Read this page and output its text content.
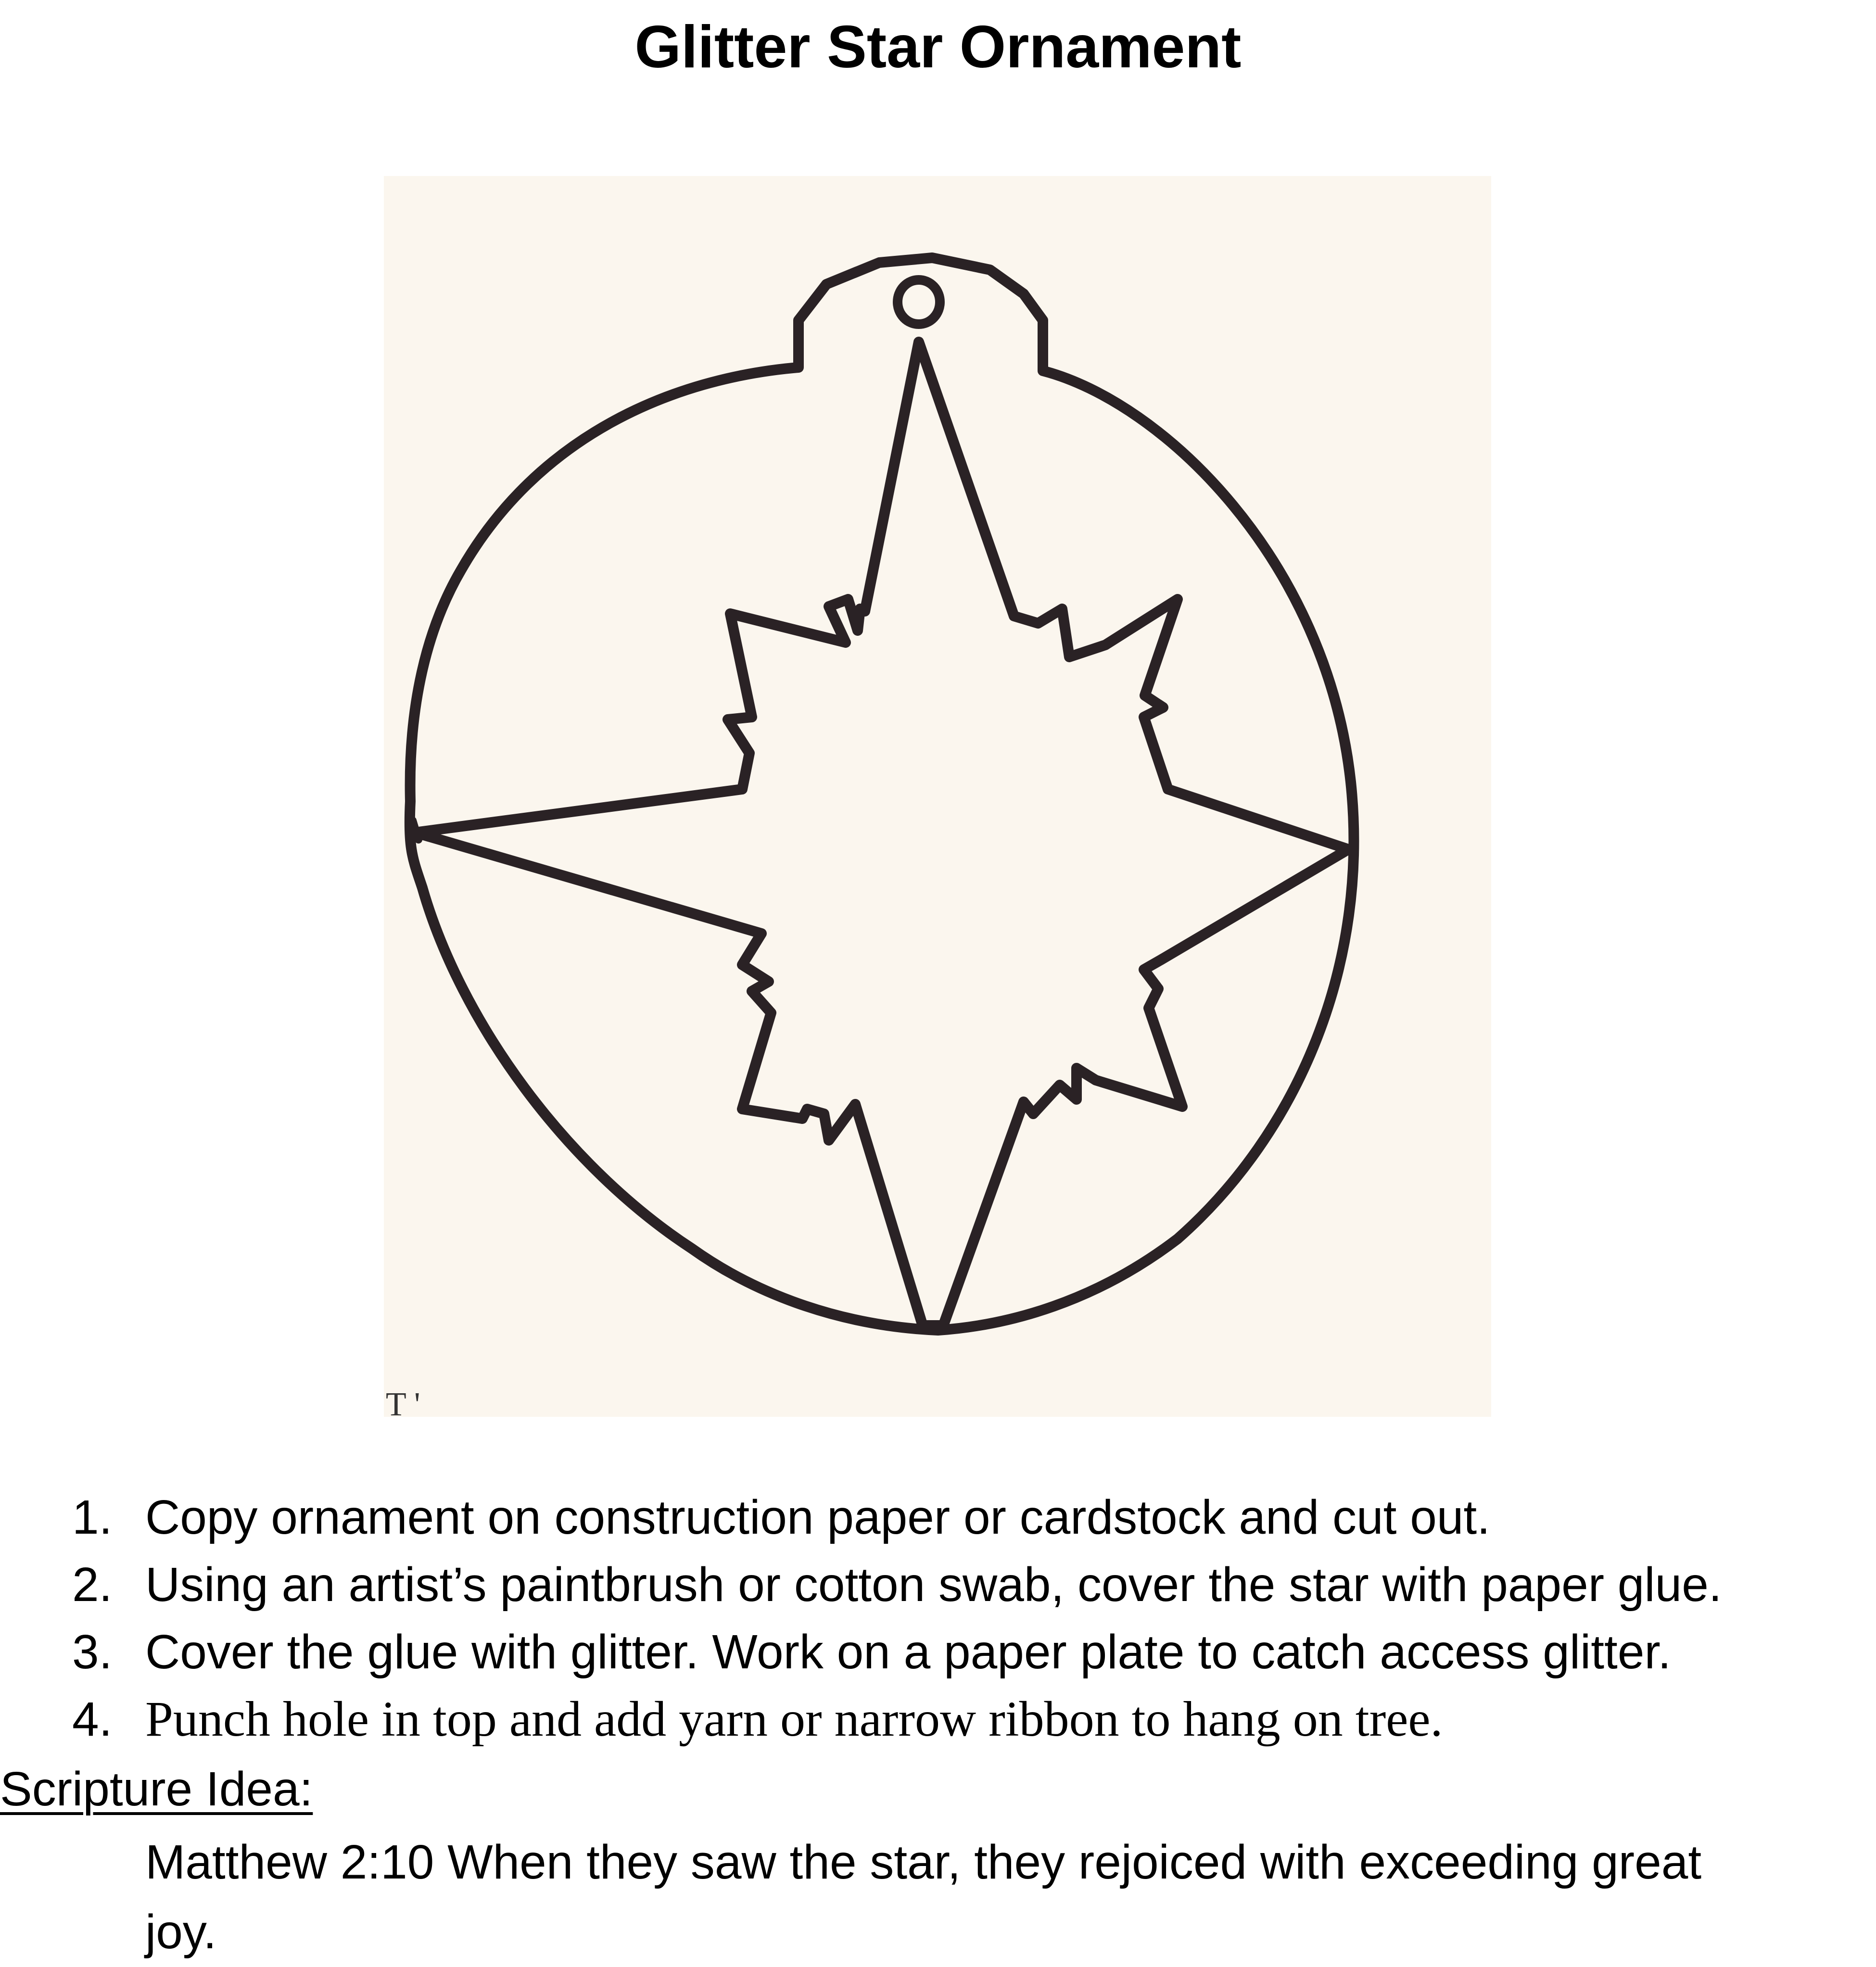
Glitter Star Ornament
T '
1. Copy ornament on construction paper or cardstock and cut out.
2. Using an artist’s paintbrush or cotton swab, cover the star with paper glue.
3. Cover the glue with glitter. Work on a paper plate to catch access glitter.
4. Punch hole in top and add yarn or narrow ribbon to hang on tree.
Scripture Idea:

Matthew 2:10 When they saw the star, they rejoiced with exceeding great joy.
